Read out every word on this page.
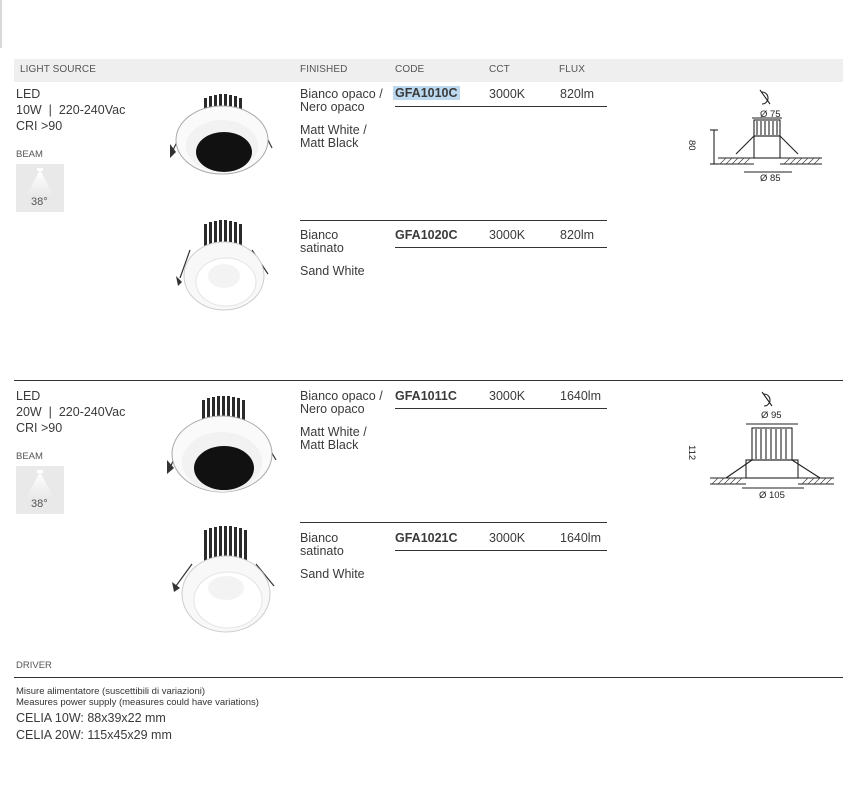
LIGHT SOURCE	FINISHED	CODE	CCT	FLUX
LED
10W  |  220-240Vac
CRI >90
BEAM
38°
Bianco opaco /
Nero opaco
Matt White /
Matt Black
GFA1010C	3000K	820lm
Ø 75
80
Ø 85
Bianco
satinato
Sand White
GFA1020C	3000K	820lm
LED
20W  |  220-240Vac
CRI >90
BEAM
38°
Bianco opaco /
Nero opaco
Matt White /
Matt Black
GFA1011C	3000K	1640lm
Ø 95
112
Ø 105
Bianco
satinato
Sand White
GFA1021C	3000K	1640lm
DRIVER
Misure alimentatore (suscettibili di variazioni)
Measures power supply (measures could have variations)
CELIA 10W: 88x39x22 mm
CELIA 20W: 115x45x29 mm
